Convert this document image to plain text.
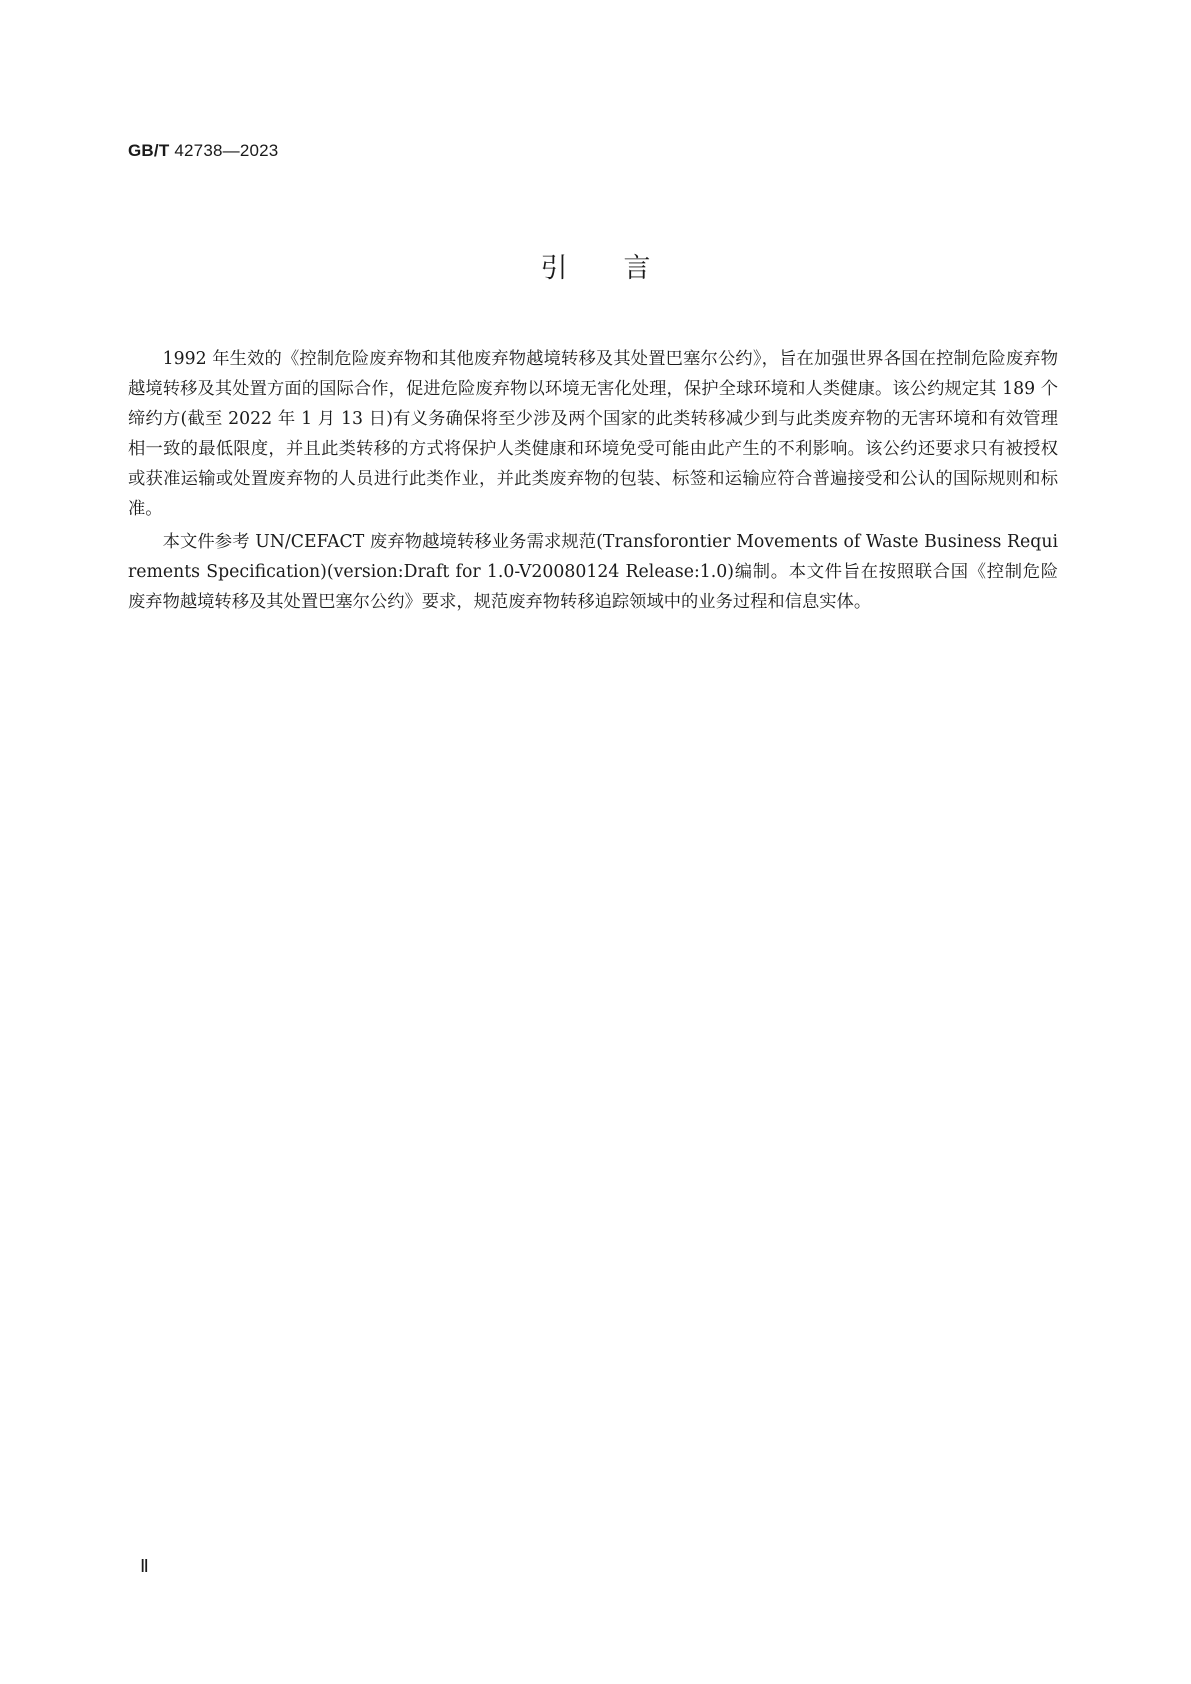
GB/T 42738—2023
引言

1992 年生效的《控制危险废弃物和其他废弃物越境转移及其处置巴塞尔公约》，旨在加强世界各国在控制危险废弃物越境转移及其处置方面的国际合作，促进危险废弃物以环境无害化处理，保护全球环境和人类健康。该公约规定其 189 个缔约方(截至 2022 年 1 月 13 日)有义务确保将至少涉及两个国家的此类转移减少到与此类废弃物的无害环境和有效管理相一致的最低限度，并且此类转移的方式将保护人类健康和环境免受可能由此产生的不利影响。该公约还要求只有被授权或获准运输或处置废弃物的人员进行此类作业，并此类废弃物的包装、标签和运输应符合普遍接受和公认的国际规则和标准。

本文件参考 UN/CEFACT 废弃物越境转移业务需求规范(Transforontier Movements of Waste Business Requirements Specification)(version:Draft for 1.0-V20080124 Release:1.0)编制。本文件旨在按照联合国《控制危险废弃物越境转移及其处置巴塞尔公约》要求，规范废弃物转移追踪领域中的业务过程和信息实体。

Ⅱ
